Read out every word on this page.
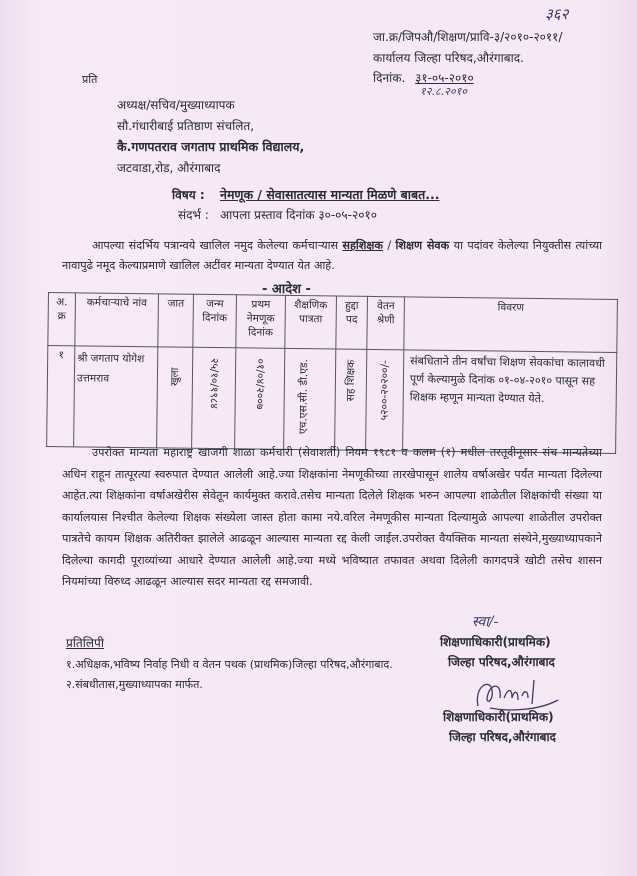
३६२
जा.क्र/जिपऔ/शिक्षण/प्रावि-३/२०१०-२०११/
कार्यालय जिल्हा परिषद,औरंगाबाद.
दिनांक. ३१-०५-२०१०
१२.८.२०१०
प्रति
अध्यक्ष/सचिव/मुख्याध्यापक
सौ.गंधारीबाई प्रतिष्ठाण संचलित,
कै.गणपतराव जगताप प्राथमिक विद्यालय,
जटवाडा,रोड, औरंगाबाद
विषय : नेमणूक / सेवासातत्यास मान्यता मिळणे बाबत...
संदर्भ : आपला प्रस्ताव दिनांक ३०-०५-२०१०
आपल्या संदर्भिय पत्रान्वये खालिल नमुद केलेल्या कर्मचाऱ्यास सहशिक्षक / शिक्षण सेवक या पदांवर केलेल्या नियुक्तीस त्यांच्या नावापुढे नमूद केल्याप्रमाणे खालिल अटींवर मान्यता देण्यात येत आहे.
- आदेश -
अ. क्र	कर्मचाऱ्याचे नांव	जात	जन्म दिनांक	प्रथम नेमणूक दिनांक	शैक्षणिक पात्रता	हुद्दा पद	वेतन श्रेणी	विवरण
१	श्री जगताप योगेश उत्तमराव	खुला	२५/१०/१९८४	०१/०४/२००७	एच.एस.सी. डी.एड.	सह शिक्षक	५२००-२०२००/-	संबधिताने तीन वर्षांचा शिक्षण सेवकांचा कालावधी पूर्ण केल्यामुळे दिनांक ०१-०४-२०१० पासून सह शिक्षक म्हणून मान्यता देण्यात येते.
उपरोक्त मान्यता महाराष्ट्र खाजगी शाळा कर्मचारी (सेवाशर्ती) नियम १९८१ व कलम (१) मधील तरतूदीनूसार संच मान्यतेच्या अधिन राहून तात्पूरत्या स्वरुपात देण्यात आलेली आहे.ज्या शिक्षकांना नेमणूकीच्या तारखेपासून शालेय वर्षाअखेर पर्यंत मान्यता दिलेल्या आहेत.त्या शिक्षकांना वर्षाअखेरीस सेवेतून कार्यमुक्त करावे.तसेच मान्यता दिलेले शिक्षक भरुन आपल्या शाळेतील शिक्षकांची संख्या या कार्यालयास निश्चीत केलेल्या शिक्षक संख्येला जास्त होता कामा नये.वरिल नेमणूकीस मान्यता दिल्यामुळे आपल्या शाळेतील उपरोक्त पात्रतेचे कायम शिक्षक अतिरीक्त झालेले आढळून आल्यास मान्यता रद्द केली जाईल.उपरोक्त वैयक्तिक मान्यता संस्थेने,मुख्याध्यापकाने दिलेल्या कागदी पूराव्यांच्या आधारे देण्यात आलेली आहे.ज्या मध्ये भविष्यात तफावत अथवा दिलेली कागदपत्रे खोटी तसेच शासन नियमांच्या विरुध्द आढळून आल्यास सदर मान्यता रद्द समजावी.
स्वा/-
शिक्षणाधिकारी(प्राथमिक)
जिल्हा परिषद,औरंगाबाद
प्रतिलिपी
१.अधिक्षक,भविष्य निर्वाह निधी व वेतन पथक (प्राथमिक)जिल्हा परिषद,औरंगाबाद.
२.संबधीतास,मुख्याध्यापका मार्फत.
शिक्षणाधिकारी(प्राथमिक)
जिल्हा परिषद,औरंगाबाद
